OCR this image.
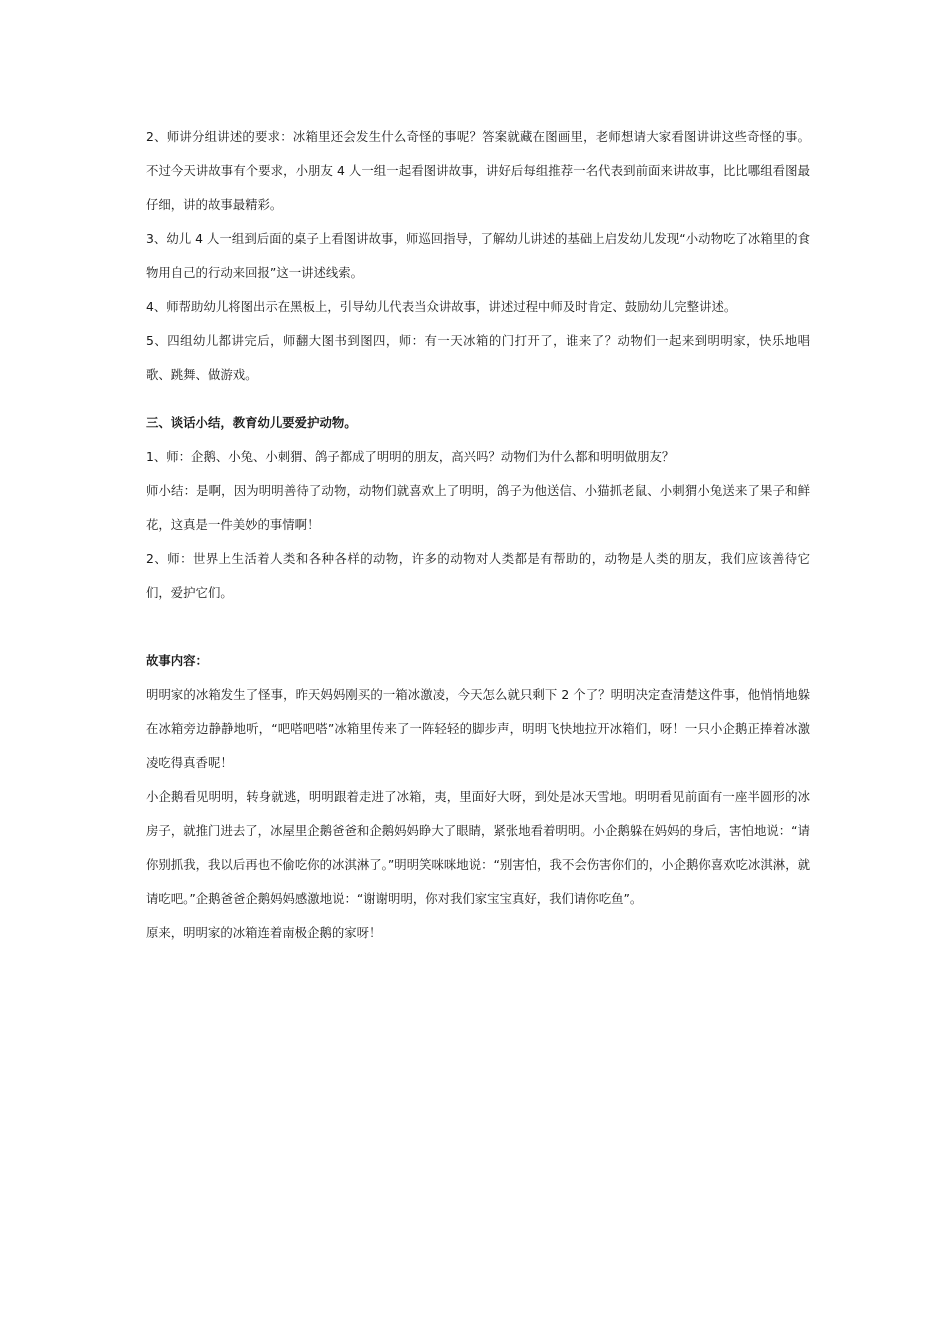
2、师讲分组讲述的要求：冰箱里还会发生什么奇怪的事呢？答案就藏在图画里，老师想请大家看图讲讲这些奇怪的事。不过今天讲故事有个要求，小朋友 4 人一组一起看图讲故事，讲好后每组推荐一名代表到前面来讲故事，比比哪组看图最仔细，讲的故事最精彩。

3、幼儿 4 人一组到后面的桌子上看图讲故事，师巡回指导，了解幼儿讲述的基础上启发幼儿发现“小动物吃了冰箱里的食物用自己的行动来回报”这一讲述线索。

4、师帮助幼儿将图出示在黑板上，引导幼儿代表当众讲故事，讲述过程中师及时肯定、鼓励幼儿完整讲述。

5、四组幼儿都讲完后，师翻大图书到图四，师：有一天冰箱的门打开了，谁来了？动物们一起来到明明家，快乐地唱歌、跳舞、做游戏。

三、谈话小结，教育幼儿要爱护动物。

1、师：企鹅、小兔、小刺猬、鸽子都成了明明的朋友，高兴吗？动物们为什么都和明明做朋友？

师小结：是啊，因为明明善待了动物，动物们就喜欢上了明明，鸽子为他送信、小猫抓老鼠、小刺猬小兔送来了果子和鲜花，这真是一件美妙的事情啊！

2、师：世界上生活着人类和各种各样的动物，许多的动物对人类都是有帮助的，动物是人类的朋友，我们应该善待它们，爱护它们。

故事内容：

明明家的冰箱发生了怪事，昨天妈妈刚买的一箱冰激凌，今天怎么就只剩下 2 个了？明明决定查清楚这件事，他悄悄地躲在冰箱旁边静静地听，“吧嗒吧嗒”冰箱里传来了一阵轻轻的脚步声，明明飞快地拉开冰箱们，呀！一只小企鹅正捧着冰激凌吃得真香呢！

小企鹅看见明明，转身就逃，明明跟着走进了冰箱，夷，里面好大呀，到处是冰天雪地。明明看见前面有一座半圆形的冰房子，就推门进去了，冰屋里企鹅爸爸和企鹅妈妈睁大了眼睛，紧张地看着明明。小企鹅躲在妈妈的身后，害怕地说：“请你别抓我，我以后再也不偷吃你的冰淇淋了。”明明笑咪咪地说：“别害怕，我不会伤害你们的，小企鹅你喜欢吃冰淇淋，就请吃吧。”企鹅爸爸企鹅妈妈感激地说：“谢谢明明，你对我们家宝宝真好，我们请你吃鱼”。

原来，明明家的冰箱连着南极企鹅的家呀！
